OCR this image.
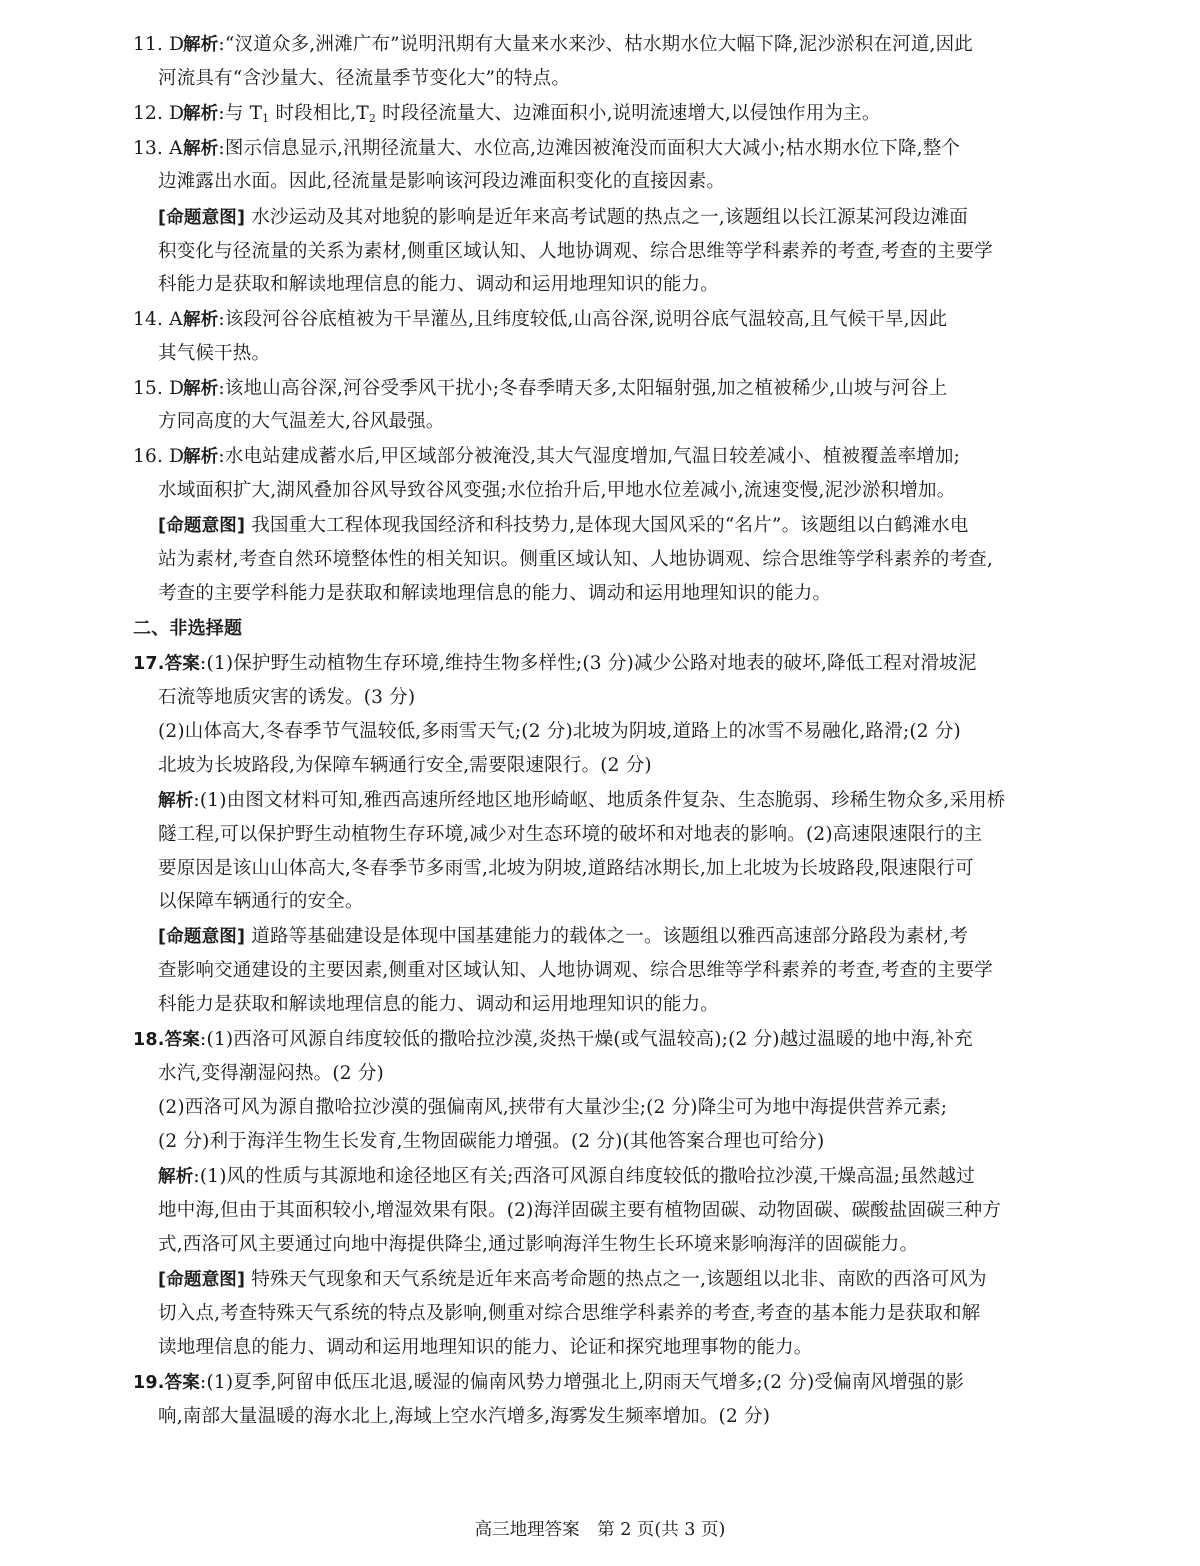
11. D解析:“汊道众多,洲滩广布”说明汛期有大量来水来沙、枯水期水位大幅下降,泥沙淤积在河道,因此
河流具有“含沙量大、径流量季节变化大”的特点。
12. D解析:与 $T_1$ 时段相比$,T_2$ 时段径流量大、边滩面积小,说明流速增大,以侵蚀作用为主。
13. A解析:图示信息显示,汛期径流量大、水位高,边滩因被淹没而面积大大减小;枯水期水位下降,整个
边滩露出水面。因此,径流量是影响该河段边滩面积变化的直接因素。
[命题意图] 水沙运动及其对地貌的影响是近年来高考试题的热点之一,该题组以长江源某河段边滩面
积变化与径流量的关系为素材,侧重区域认知、人地协调观、综合思维等学科素养的考查,考查的主要学
科能力是获取和解读地理信息的能力、调动和运用地理知识的能力。
14. A解析:该段河谷谷底植被为干旱灌丛,且纬度较低,山高谷深,说明谷底气温较高,且气候干旱,因此
其气候干热。
15. D解析:该地山高谷深,河谷受季风干扰小;冬春季晴天多,太阳辐射强,加之植被稀少,山坡与河谷上
方同高度的大气温差大,谷风最强。
16. D解析:水电站建成蓄水后,甲区域部分被淹没,其大气湿度增加,气温日较差减小、植被覆盖率增加;
水域面积扩大,湖风叠加谷风导致谷风变强;水位抬升后,甲地水位差减小,流速变慢,泥沙淤积增加。
[命题意图] 我国重大工程体现我国经济和科技势力,是体现大国风采的“名片”。该题组以白鹤滩水电
站为素材,考查自然环境整体性的相关知识。侧重区域认知、人地协调观、综合思维等学科素养的考查,
考查的主要学科能力是获取和解读地理信息的能力、调动和运用地理知识的能力。
二、非选择题
17.答案:(1)保护野生动植物生存环境,维持生物多样性;(3 分)减少公路对地表的破坏,降低工程对滑坡泥
石流等地质灾害的诱发。(3 分)
(2)山体高大,冬春季节气温较低,多雨雪天气;(2 分)北坡为阴坡,道路上的冰雪不易融化,路滑;(2 分)
北坡为长坡路段,为保障车辆通行安全,需要限速限行。(2 分)
解析:(1)由图文材料可知,雅西高速所经地区地形崎岖、地质条件复杂、生态脆弱、珍稀生物众多,采用桥
隧工程,可以保护野生动植物生存环境,减少对生态环境的破坏和对地表的影响。(2)高速限速限行的主
要原因是该山山体高大,冬春季节多雨雪,北坡为阴坡,道路结冰期长,加上北坡为长坡路段,限速限行可
以保障车辆通行的安全。
[命题意图] 道路等基础建设是体现中国基建能力的载体之一。该题组以雅西高速部分路段为素材,考
查影响交通建设的主要因素,侧重对区域认知、人地协调观、综合思维等学科素养的考查,考查的主要学
科能力是获取和解读地理信息的能力、调动和运用地理知识的能力。
18.答案:(1)西洛可风源自纬度较低的撒哈拉沙漠,炎热干燥(或气温较高);(2 分)越过温暖的地中海,补充
水汽,变得潮湿闷热。(2 分)
(2)西洛可风为源自撒哈拉沙漠的强偏南风,挟带有大量沙尘;(2 分)降尘可为地中海提供营养元素;
(2 分)利于海洋生物生长发育,生物固碳能力增强。(2 分)(其他答案合理也可给分)
解析:(1)风的性质与其源地和途径地区有关;西洛可风源自纬度较低的撒哈拉沙漠,干燥高温;虽然越过
地中海,但由于其面积较小,增湿效果有限。(2)海洋固碳主要有植物固碳、动物固碳、碳酸盐固碳三种方
式,西洛可风主要通过向地中海提供降尘,通过影响海洋生物生长环境来影响海洋的固碳能力。
[命题意图] 特殊天气现象和天气系统是近年来高考命题的热点之一,该题组以北非、南欧的西洛可风为
切入点,考查特殊天气系统的特点及影响,侧重对综合思维学科素养的考查,考查的基本能力是获取和解
读地理信息的能力、调动和运用地理知识的能力、论证和探究地理事物的能力。
19.答案:(1)夏季,阿留申低压北退,暖湿的偏南风势力增强北上,阴雨天气增多;(2 分)受偏南风增强的影
响,南部大量温暖的海水北上,海域上空水汽增多,海雾发生频率增加。(2 分)
高三地理答案　第 2 页(共 3 页)
